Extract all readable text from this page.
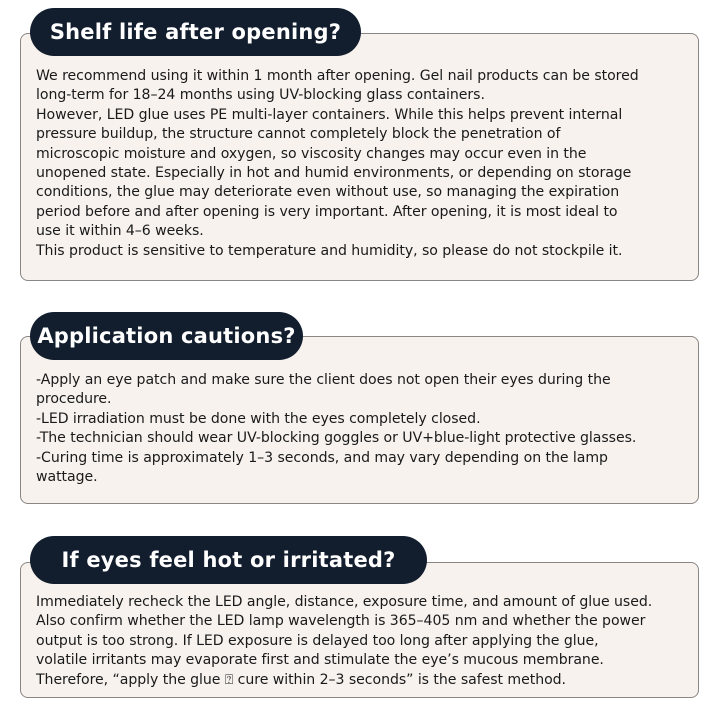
We recommend using it within 1 month after opening. Gel nail products can be stored

long-term for 18–24 months using UV-blocking glass containers.

However, LED glue uses PE multi-layer containers. While this helps prevent internal

pressure buildup, the structure cannot completely block the penetration of

microscopic moisture and oxygen, so viscosity changes may occur even in the

unopened state. Especially in hot and humid environments, or depending on storage

conditions, the glue may deteriorate even without use, so managing the expiration

period before and after opening is very important. After opening, it is most ideal to

use it within 4–6 weeks.

This product is sensitive to temperature and humidity, so please do not stockpile it.

Shelf life after opening?

-Apply an eye patch and make sure the client does not open their eyes during the

procedure.

-LED irradiation must be done with the eyes completely closed.

-The technician should wear UV-blocking goggles or UV+blue-light protective glasses.

-Curing time is approximately 1–3 seconds, and may vary depending on the lamp

wattage.

Application cautions?

Immediately recheck the LED angle, distance, exposure time, and amount of glue used.

Also confirm whether the LED lamp wavelength is 365–405 nm and whether the power

output is too strong. If LED exposure is delayed too long after applying the glue,

volatile irritants may evaporate first and stimulate the eye’s mucous membrane.

Therefore, “apply the glue ⍰ cure within 2–3 seconds” is the safest method.

If eyes feel hot or irritated?
